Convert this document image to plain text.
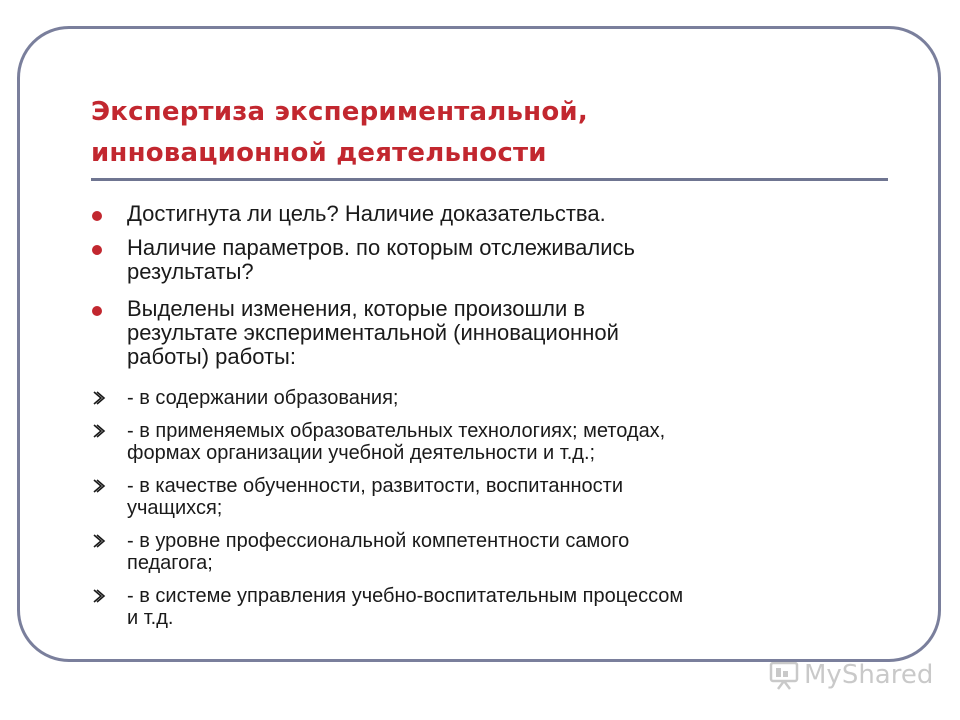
Экспертиза экспериментальной,
инновационной деятельности
Достигнута ли цель? Наличие доказательства.
Наличие параметров. по которым отслеживались
результаты?
Выделены изменения, которые произошли в
результате экспериментальной (инновационной
работы) работы:
- в содержании образования;
- в применяемых образовательных технологиях; методах,
формах организации учебной деятельности и т.д.;
- в качестве обученности, развитости, воспитанности
учащихся;
- в уровне профессиональной компетентности самого
педагога;
- в системе управления учебно-воспитательным процессом
и т.д.
MyShared
